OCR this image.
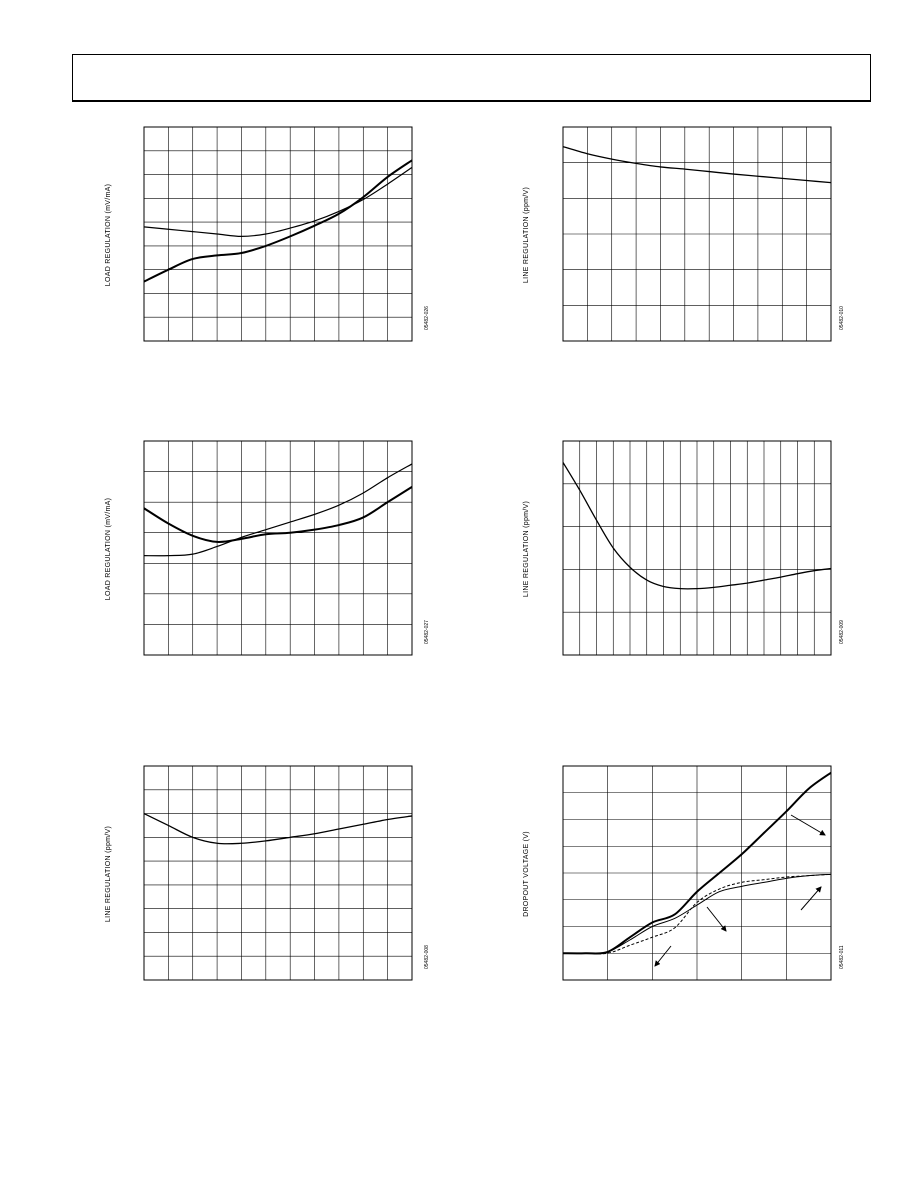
LOAD REGULATION (mV/mA)
05482-026
LINE REGULATION (ppm/V)
05482-010
LOAD REGULATION (mV/mA)
05482-027
LINE REGULATION (ppm/V)
05482-009
LINE REGULATION (ppm/V)
05482-008
DROPOUT VOLTAGE (V)
05482-011
